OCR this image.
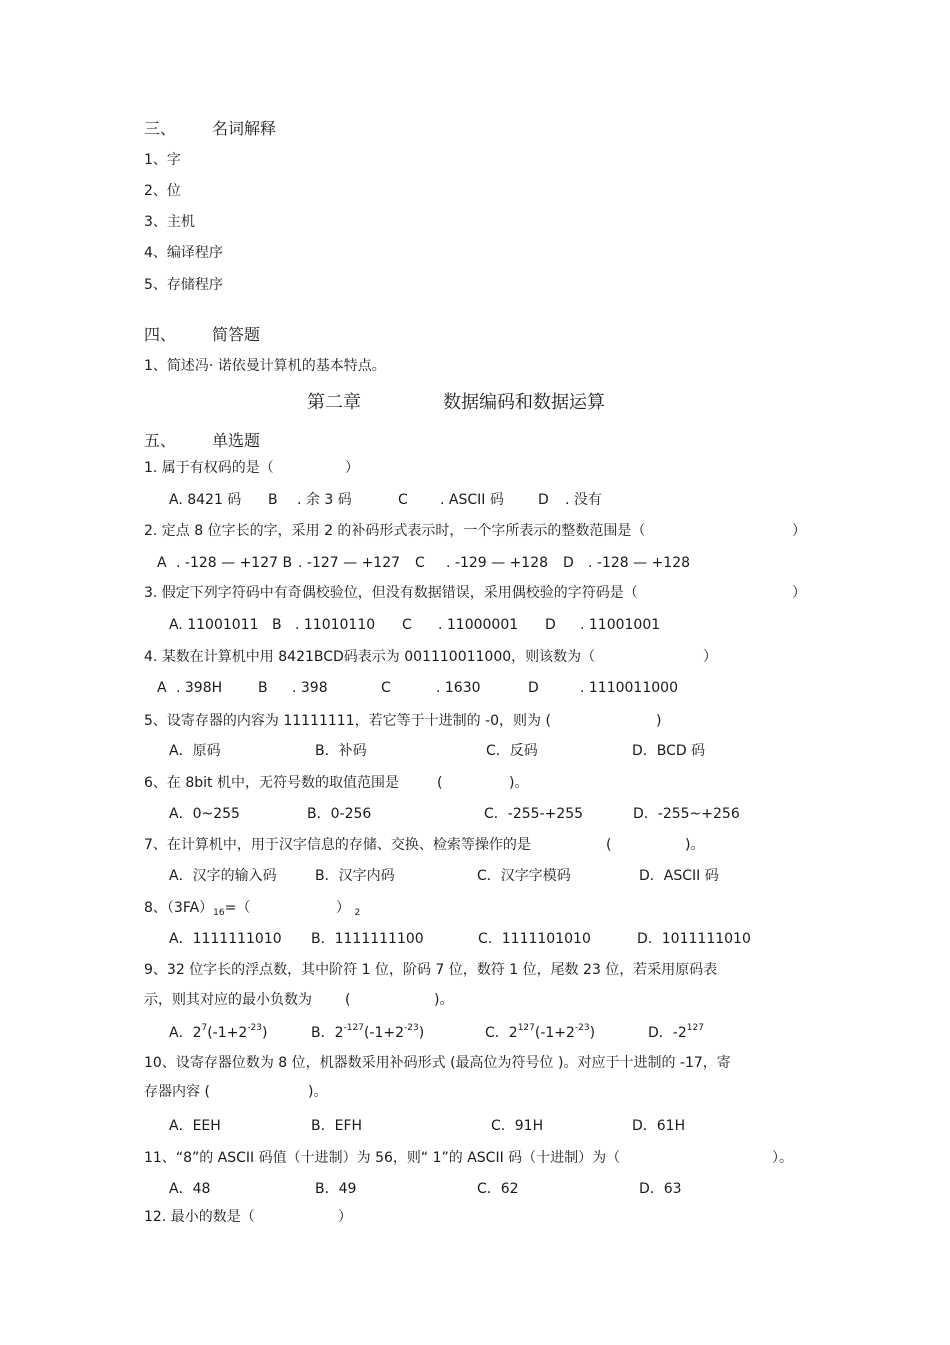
三、 名词解释
1、字
2、位
3、主机
4、编译程序
5、存储程序
四、 简答题
1、简述冯· 诺依曼计算机的基本特点。
第二章	数据编码和数据运算
五、 单选题
1. 属于有权码的是（	）
A. 8421 码 B . 余 3 码	C . ASCII 码 D . 没有
2. 定点 8 位字长的字，采用 2 的补码形式表示时，一个字所表示的整数范围是（	）
A . -128 — +127 B . -127 — +127 C . -129 — +128 D . -128 — +128
3. 假定下列字符码中有奇偶校验位，但没有数据错误，采用偶校验的字符码是（	）
A. 11001011 B . 11010110 C . 11000001 D . 11001001
4. 某数在计算机中用 8421BCD码表示为 001110011000，则该数为（	）
A . 398H	B . 398	C	. 1630	D	. 1110011000
5、设寄存器的内容为 11111111，若它等于十进制的 -0，则为 (	)
A．原码	B．补码	C．反码	D．BCD 码
6、在 8bit 机中，无符号数的取值范围是	(	)。
A．0~255	B．0-256	C．-255-+255	D．-255~+256
7、在计算机中，用于汉字信息的存储、交换、检索等操作的是	(	)。
A．汉字的输入码	B．汉字内码	C．汉字字模码	D．ASCII 码
8、$(3FA)_{16}=$（	） $_2$
A．1111111010 B．1111111100	C．1111101010	D．1011111010
9、32 位字长的浮点数，其中阶符 1 位，阶码 7 位，数符 1 位，尾数 23 位，若采用原码表
示，则其对应的最小负数为 (	)。
A．$2^7(-1+2^{-23})$	B．$2^{-127}(-1+2^{-23})$	C．$2^{127}(-1+2^{-23})$	D．$-2^{127}$
10、设寄存器位数为 8 位，机器数采用补码形式 (最高位为符号位 )。对应于十进制的 -17，寄
存器内容 (	)。
A．EEH	B．EFH	C．91H	D．61H
11、“8”的 ASCII 码值（十进制）为 56，则“ 1”的 ASCII 码（十进制）为（	）。
A．48	B．49	C．62	D．63
12. 最小的数是（	）
